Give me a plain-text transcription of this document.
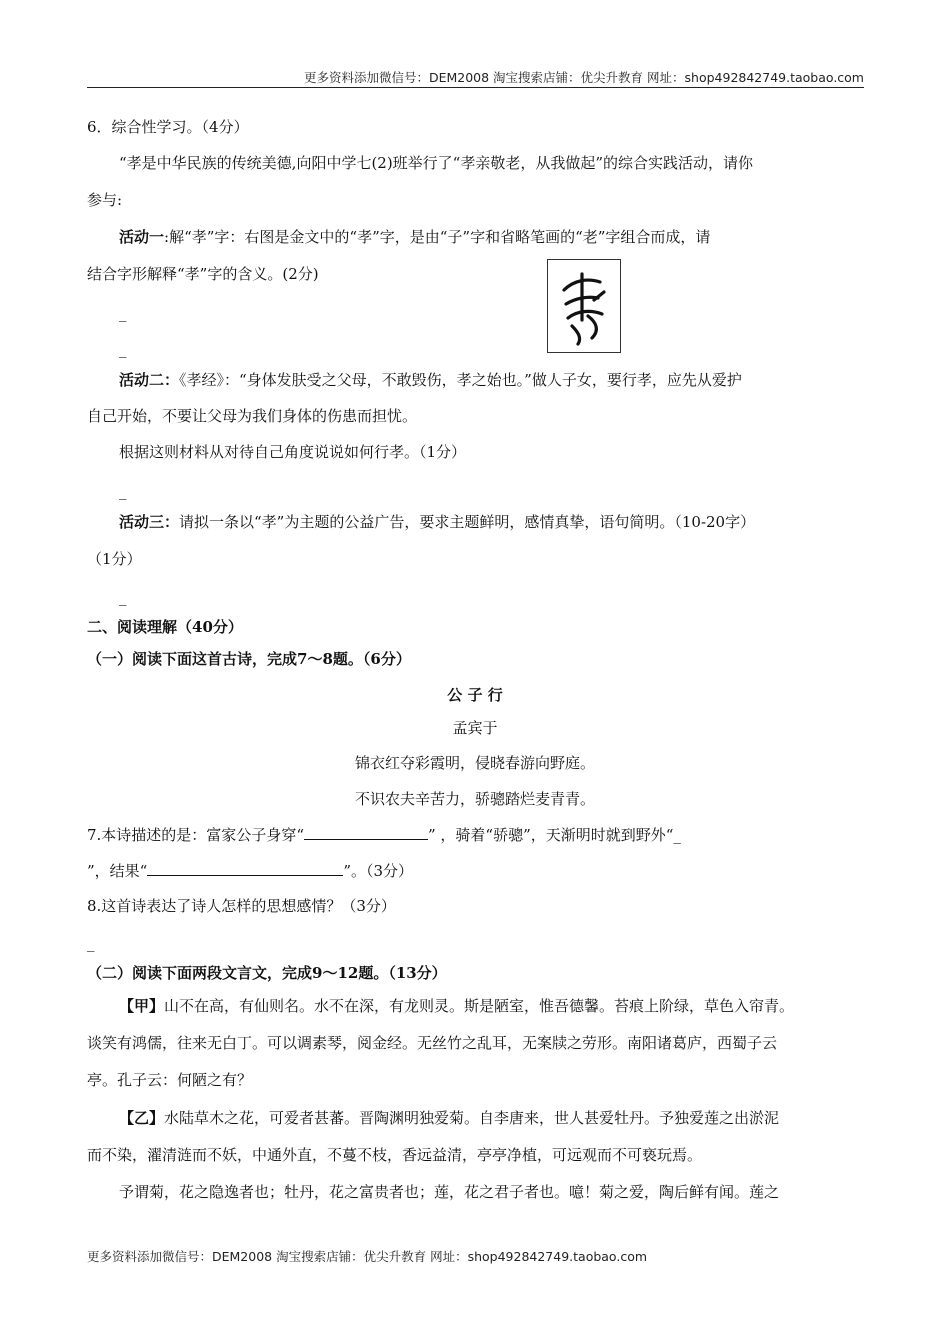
更多资料添加微信号：DEM2008 淘宝搜索店铺：优尖升教育 网址：shop492842749.taobao.com
6．综合性学习。（4分）
“孝是中华民族的传统美德,向阳中学七(2)班举行了“孝亲敬老，从我做起”的综合实践活动，请你
参与:
活动一:解“孝”字：右图是金文中的“孝”字，是由“子”字和省略笔画的“老”字组合而成，请
结合字形解释“孝”字的含义。(2分)
_
_
活动二：《孝经》：“身体发肤受之父母，不敢毁伤，孝之始也。”做人子女，要行孝，应先从爱护
自己开始，不要让父母为我们身体的伤患而担忧。
根据这则材料从对待自己角度说说如何行孝。（1分）
_
活动三：请拟一条以“孝”为主题的公益广告，要求主题鲜明，感情真挚，语句简明。（10-20字）
（1分）
_
二、阅读理解（40分）
（一）阅读下面这首古诗，完成7～8题。（6分）
公 子 行
孟宾于
锦衣红夺彩霞明，侵晓春游向野庭。
不识农夫辛苦力，骄骢踏烂麦青青。
7.本诗描述的是：富家公子身穿“	” ，骑着“骄骢”，天渐明时就到野外“_
”，结果“	”。（3分）
8.这首诗表达了诗人怎样的思想感情？（3分）
_
（二）阅读下面两段文言文，完成9～12题。（13分）
【甲】山不在高，有仙则名。水不在深，有龙则灵。斯是陋室，惟吾德馨。苔痕上阶绿，草色入帘青。
谈笑有鸿儒，往来无白丁。可以调素琴，阅金经。无丝竹之乱耳，无案牍之劳形。南阳诸葛庐，西蜀子云
亭。孔子云：何陋之有？
【乙】水陆草木之花，可爱者甚蕃。晋陶渊明独爱菊。自李唐来，世人甚爱牡丹。予独爱莲之出淤泥
而不染，濯清涟而不妖，中通外直，不蔓不枝，香远益清，亭亭净植，可远观而不可亵玩焉。
予谓菊，花之隐逸者也；牡丹，花之富贵者也；莲，花之君子者也。噫！菊之爱，陶后鲜有闻。莲之
更多资料添加微信号：DEM2008 淘宝搜索店铺：优尖升教育 网址：shop492842749.taobao.com
